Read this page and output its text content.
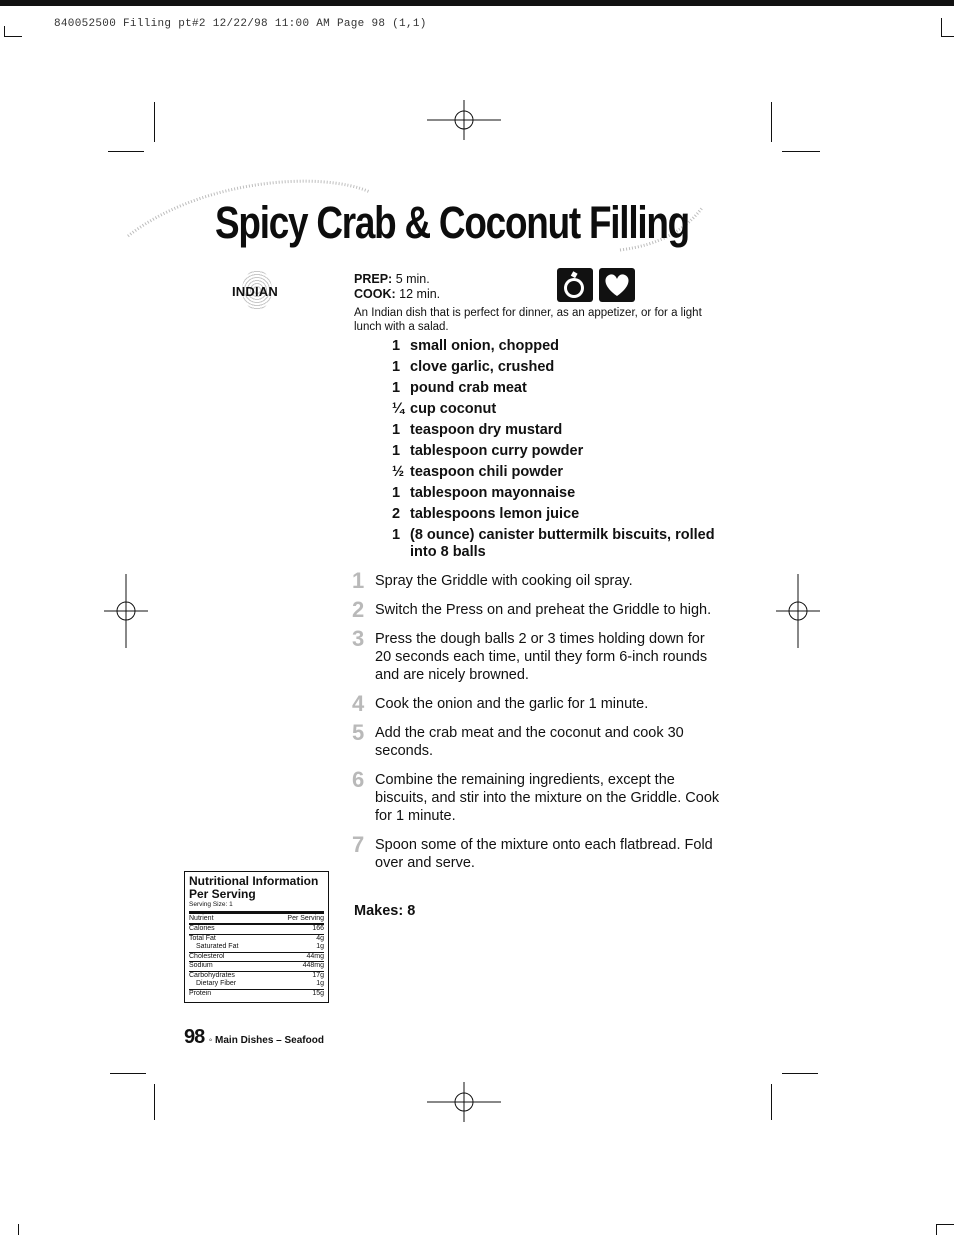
840052500 Filling pt#2 12/22/98 11:00 AM Page 98 (1,1)
Spicy Crab & Coconut Filling
INDIAN
PREP: 5 min.
COOK: 12 min.
An Indian dish that is perfect for dinner, as an appetizer, or for a light lunch with a salad.
1 small onion, chopped
1 clove garlic, crushed
1 pound crab meat
¼ cup coconut
1 teaspoon dry mustard
1 tablespoon curry powder
½ teaspoon chili powder
1 tablespoon mayonnaise
2 tablespoons lemon juice
1 (8 ounce) canister buttermilk biscuits, rolled into 8 balls
1 Spray the Griddle with cooking oil spray.
2 Switch the Press on and preheat the Griddle to high.
3 Press the dough balls 2 or 3 times holding down for 20 seconds each time, until they form 6-inch rounds and are nicely browned.
4 Cook the onion and the garlic for 1 minute.
5 Add the crab meat and the coconut and cook 30 seconds.
6 Combine the remaining ingredients, except the biscuits, and stir into the mixture on the Griddle. Cook for 1 minute.
7 Spoon some of the mixture onto each flatbread. Fold over and serve.
Makes: 8
Nutritional Information Per Serving
Serving Size: 1
Nutrient	Per Serving
Calories	166
Total Fat	4g
Saturated Fat	1g
Cholesterol	44mg
Sodium	448mg
Carbohydrates	17g
Dietary Fiber	1g
Protein	15g
98 ◦ Main Dishes – Seafood
